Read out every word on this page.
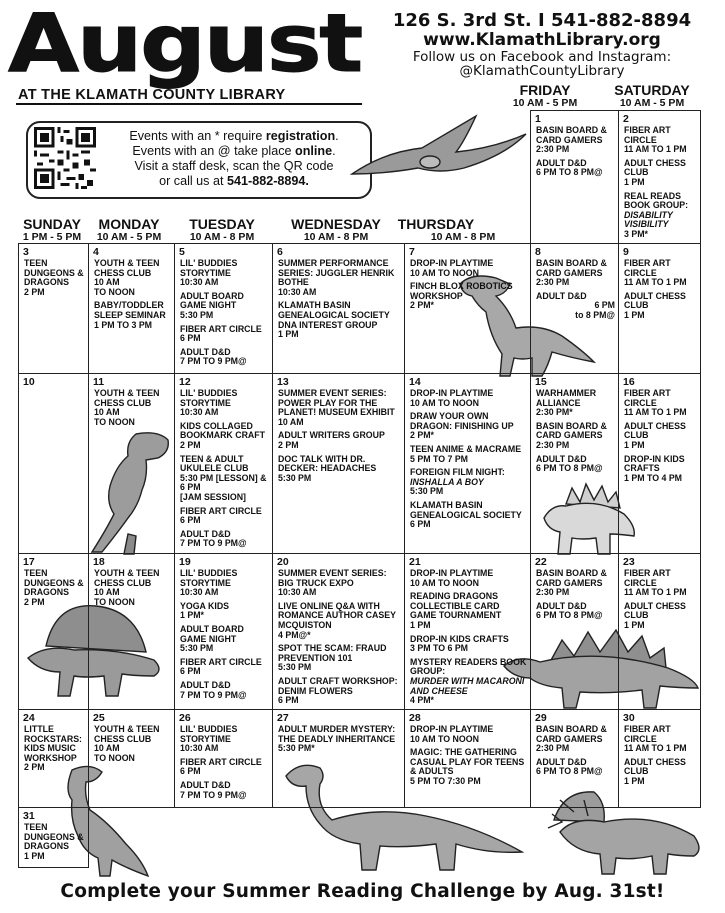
August
AT THE KLAMATH COUNTY LIBRARY
126 S. 3rd St. I 541-882-8894
www.KlamathLibrary.org
Follow us on Facebook and Instagram:
@KlamathCountyLibrary
Events with an * require registration.
Events with an @ take place online.
Visit a staff desk, scan the QR code
or call us at 541-882-8894.
SUNDAY
1 PM - 5 PM
MONDAY
10 AM - 5 PM
TUESDAY
10 AM - 8 PM
WEDNESDAY
10 AM - 8 PM
THURSDAY
10 AM - 8 PM
FRIDAY
10 AM - 5 PM
SATURDAY
10 AM - 5 PM
1
BASIN BOARD & CARD GAMERS
2:30 PM
ADULT D&D
6 PM TO 8 PM@
2
FIBER ART CIRCLE
11 AM TO 1 PM
ADULT CHESS CLUB
1 PM
REAL READS BOOK GROUP:
DISABILITY VISIBILITY
3 PM*
3
TEEN DUNGEONS & DRAGONS
2 PM
4
YOUTH & TEEN CHESS CLUB
10 AM
TO NOON
BABY/TODDLER SLEEP SEMINAR
1 PM TO 3 PM
5
LIL' BUDDIES STORYTIME
10:30 AM
ADULT BOARD GAME NIGHT
5:30 PM
FIBER ART CIRCLE
6 PM
ADULT D&D
7 PM TO 9 PM@
6
SUMMER PERFORMANCE SERIES: JUGGLER HENRIK BOTHE
10:30 AM
KLAMATH BASIN GENEALOGICAL SOCIETY DNA INTEREST GROUP
1 PM
7
DROP-IN PLAYTIME
10 AM TO NOON
FINCH BLOX ROBOTICS WORKSHOP
2 PM*
8
BASIN BOARD & CARD GAMERS
2:30 PM
ADULT D&D
6 PM
to 8 PM@
9
FIBER ART CIRCLE
11 AM TO 1 PM
ADULT CHESS CLUB
1 PM
10	11
YOUTH & TEEN CHESS CLUB
10 AM
TO NOON
12
LIL' BUDDIES STORYTIME
10:30 AM
KIDS COLLAGED BOOKMARK CRAFT
2 PM
TEEN & ADULT UKULELE CLUB
5:30 PM [LESSON] & 6 PM
[JAM SESSION]
FIBER ART CIRCLE
6 PM
ADULT D&D
7 PM TO 9 PM@
13
SUMMER EVENT SERIES: POWER PLAY FOR THE PLANET! MUSEUM EXHIBIT
10 AM
ADULT WRITERS GROUP
2 PM
DOC TALK WITH DR. DECKER: HEADACHES
5:30 PM
14
DROP-IN PLAYTIME
10 AM TO NOON
DRAW YOUR OWN DRAGON: FINISHING UP
2 PM*
TEEN ANIME & MACRAME
5 PM TO 7 PM
FOREIGN FILM NIGHT:
INSHALLA A BOY
5:30 PM
KLAMATH BASIN GENEALOGICAL SOCIETY
6 PM
15
WARHAMMER ALLIANCE
2:30 PM*
BASIN BOARD & CARD GAMERS
2:30 PM
ADULT D&D
6 PM TO 8 PM@
16
FIBER ART CIRCLE
11 AM TO 1 PM
ADULT CHESS CLUB
1 PM
DROP-IN KIDS CRAFTS
1 PM TO 4 PM
17
TEEN DUNGEONS & DRAGONS
2 PM
18
YOUTH & TEEN CHESS CLUB
10 AM
TO NOON
19
LIL' BUDDIES STORYTIME
10:30 AM
YOGA KIDS
1 PM*
ADULT BOARD GAME NIGHT
5:30 PM
FIBER ART CIRCLE
6 PM
ADULT D&D
7 PM TO 9 PM@
20
SUMMER EVENT SERIES: BIG TRUCK EXPO
10:30 AM
LIVE ONLINE Q&A WITH ROMANCE AUTHOR CASEY MCQUISTON
4 PM@*
SPOT THE SCAM: FRAUD PREVENTION 101
5:30 PM
ADULT CRAFT WORKSHOP: DENIM FLOWERS
6 PM
21
DROP-IN PLAYTIME
10 AM TO NOON
READING DRAGONS COLLECTIBLE CARD GAME TOURNAMENT
1 PM
DROP-IN KIDS CRAFTS
3 PM TO 6 PM
MYSTERY READERS BOOK GROUP:
MURDER WITH MACARONI AND CHEESE
4 PM*
22
BASIN BOARD & CARD GAMERS
2:30 PM
ADULT D&D
6 PM TO 8 PM@
23
FIBER ART CIRCLE
11 AM TO 1 PM
ADULT CHESS CLUB
1 PM
24
LITTLE ROCKSTARS: KIDS MUSIC WORKSHOP
2 PM
25
YOUTH & TEEN CHESS CLUB
10 AM
TO NOON
26
LIL' BUDDIES STORYTIME
10:30 AM
FIBER ART CIRCLE
6 PM
ADULT D&D
7 PM TO 9 PM@
27
ADULT MURDER MYSTERY: THE DEADLY INHERITANCE
5:30 PM*
28
DROP-IN PLAYTIME
10 AM TO NOON
MAGIC: THE GATHERING CASUAL PLAY FOR TEENS & ADULTS
5 PM TO 7:30 PM
29
BASIN BOARD & CARD GAMERS
2:30 PM
ADULT D&D
6 PM TO 8 PM@
30
FIBER ART CIRCLE
11 AM TO 1 PM
ADULT CHESS CLUB
1 PM
31
TEEN DUNGEONS & DRAGONS
1 PM
Complete your Summer Reading Challenge by Aug. 31st!
